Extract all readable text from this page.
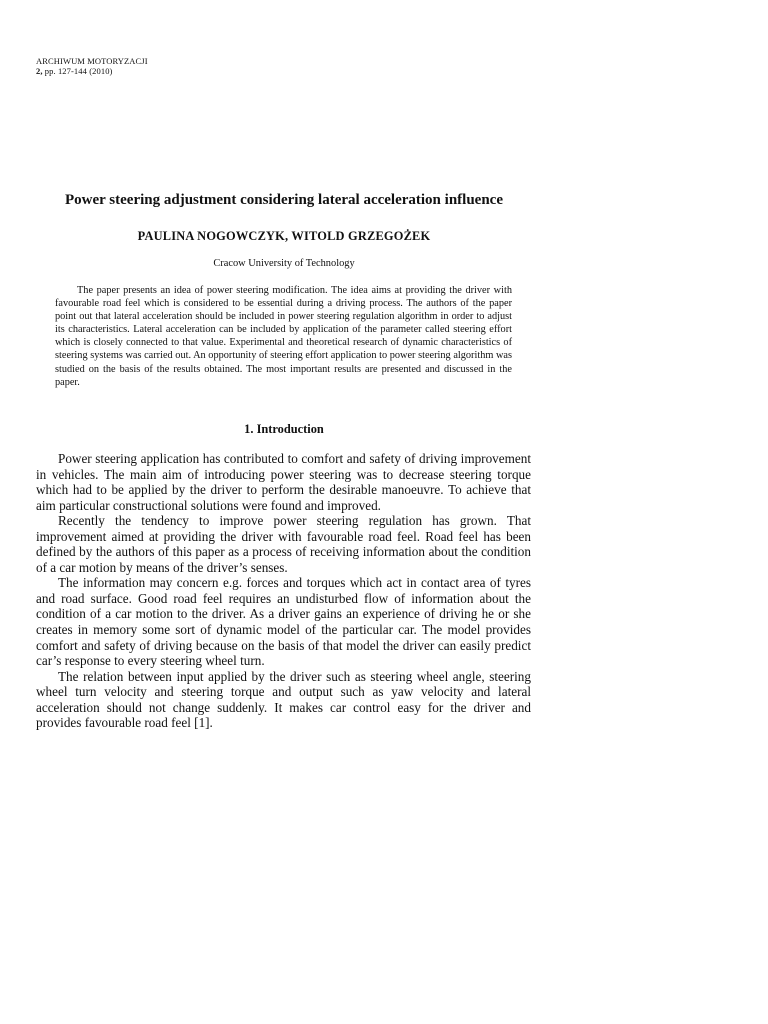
ARCHIWUM MOTORYZACJI
2, pp. 127-144 (2010)
Power steering adjustment considering lateral acceleration influence
PAULINA NOGOWCZYK, WITOLD GRZEGOŻEK
Cracow University of Technology

The paper presents an idea of power steering modification. The idea aims at providing the driver with favourable road feel which is considered to be essential during a driving process. The authors of the paper point out that lateral acceleration should be included in power steering regulation algorithm in order to adjust its characteristics. Lateral acceleration can be included by application of the parameter called steering effort which is closely connected to that value. Experimental and theoretical research of dynamic characteristics of steering systems was carried out. An opportunity of steering effort application to power steering algorithm was studied on the basis of the results obtained. The most important results are presented and discussed in the paper.

1. Introduction

Power steering application has contributed to comfort and safety of driving improvement in vehicles. The main aim of introducing power steering was to decrease steering torque which had to be applied by the driver to perform the desirable manoeuvre. To achieve that aim particular constructional solutions were found and improved.

Recently the tendency to improve power steering regulation has grown. That improvement aimed at providing the driver with favourable road feel. Road feel has been defined by the authors of this paper as a process of receiving information about the condition of a car motion by means of the driver’s senses.

The information may concern e.g. forces and torques which act in contact area of tyres and road surface. Good road feel requires an undisturbed flow of information about the condition of a car motion to the driver. As a driver gains an experience of driving he or she creates in memory some sort of dynamic model of the particular car. The model provides comfort and safety of driving because on the basis of that model the driver can easily predict car’s response to every steering wheel turn.

The relation between input applied by the driver such as steering wheel angle, steering wheel turn velocity and steering torque and output such as yaw velocity and lateral acceleration should not change suddenly. It makes car control easy for the driver and provides favourable road feel [1].
